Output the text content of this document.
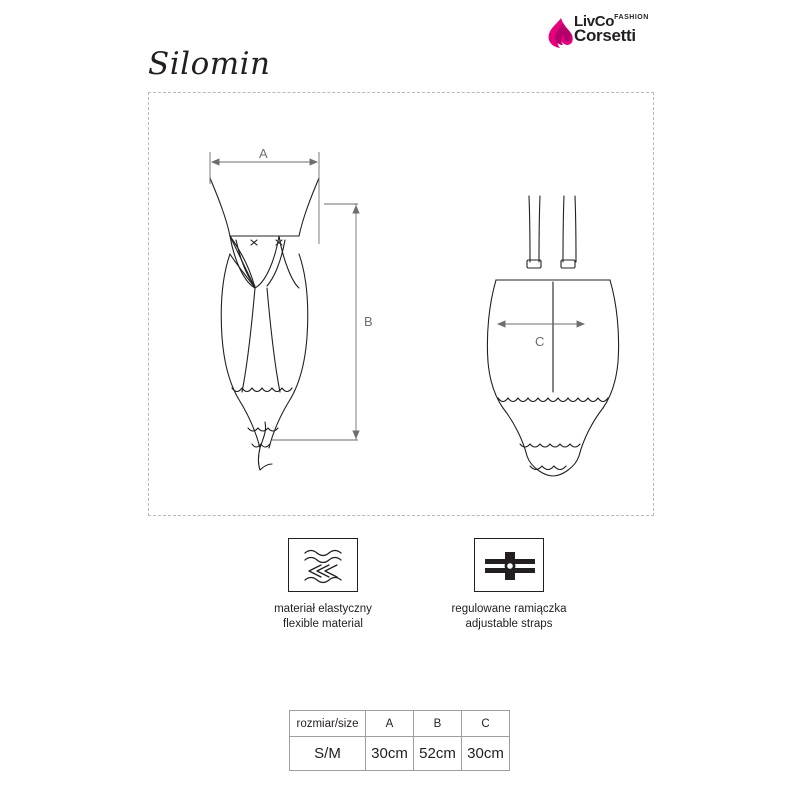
LivCo$^{FASHION}$
Corsetti
Silomin
A
B
C
materiał elastyczny
flexible material
regulowane ramiączka
adjustable straps
rozmiar/size	A	B	C
S/M	30cm	52cm	30cm
